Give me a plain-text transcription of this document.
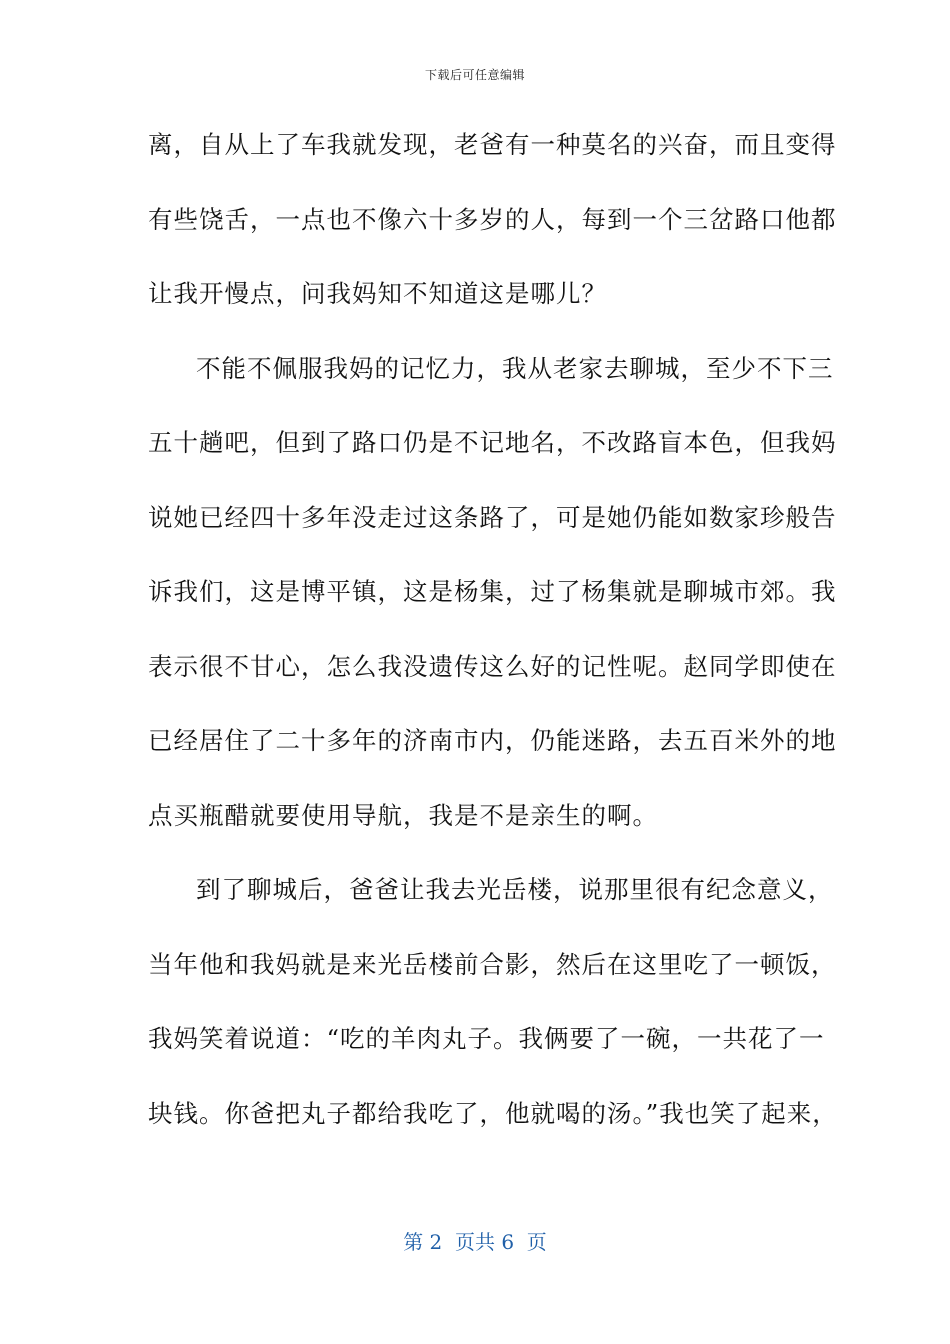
下载后可任意编辑
离，自从上了车我就发现，老爸有一种莫名的兴奋，而且变得
有些饶舌，一点也不像六十多岁的人，每到一个三岔路口他都
让我开慢点，问我妈知不知道这是哪儿？
不能不佩服我妈的记忆力，我从老家去聊城，至少不下三
五十趟吧，但到了路口仍是不记地名，不改路盲本色，但我妈
说她已经四十多年没走过这条路了，可是她仍能如数家珍般告
诉我们，这是博平镇，这是杨集，过了杨集就是聊城市郊。我
表示很不甘心，怎么我没遗传这么好的记性呢。赵同学即使在
已经居住了二十多年的济南市内，仍能迷路，去五百米外的地
点买瓶醋就要使用导航，我是不是亲生的啊。
到了聊城后，爸爸让我去光岳楼，说那里很有纪念意义，
当年他和我妈就是来光岳楼前合影，然后在这里吃了一顿饭，
我妈笑着说道：“吃的羊肉丸子。我俩要了一碗，一共花了一
块钱。你爸把丸子都给我吃了，他就喝的汤。”我也笑了起来，
第 2  页共 6  页
